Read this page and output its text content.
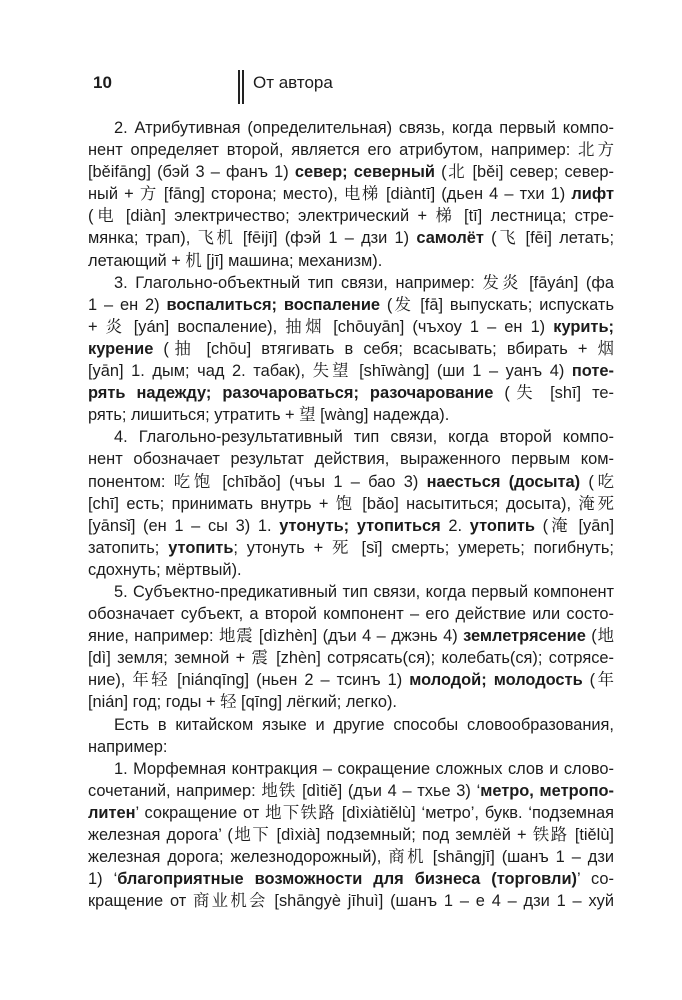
10	От автора
2. Атрибутивная (определительная) связь, когда первый компо-
нент определяет второй, является его атрибутом, например: 北方
[běifāng] (бэй 3 – фанъ 1) север; северный (北 [běi] север; север-
ный + 方 [fāng] сторона; место), 电梯 [diàntī] (дьен 4 – тхи 1) лифт
(电 [diàn] электричество; электрический + 梯 [tī] лестница; стре-
мянка; трап), 飞机 [fēijī] (фэй 1 – дзи 1) самолёт (飞 [fēi] летать;
летающий + 机 [jī] машина; механизм).
3. Глагольно-объектный тип связи, например: 发炎 [fāyán] (фа
1 – ен 2) воспалиться; воспаление (发 [fā] выпускать; испускать
+ 炎 [yán] воспаление), 抽烟 [chōuyān] (чъхоу 1 – ен 1) курить;
курение (抽 [chōu] втягивать в себя; всасывать; вбирать + 烟
[yān] 1. дым; чад 2. табак), 失望 [shīwàng] (ши 1 – уанъ 4) поте-
рять надежду; разочароваться; разочарование (失 [shī] те-
рять; лишиться; утратить + 望 [wàng] надежда).
4. Глагольно-результативный тип связи, когда второй компо-
нент обозначает результат действия, выраженного первым ком-
понентом: 吃饱 [chībǎo] (чъы 1 – бао 3) наесться (досыта) (吃
[chī] есть; принимать внутрь + 饱 [bǎo] насытиться; досыта), 淹死
[yānsǐ] (ен 1 – сы 3) 1. утонуть; утопиться 2. утопить (淹 [yān]
затопить; утопить; утонуть + 死 [sǐ] смерть; умереть; погибнуть;
сдохнуть; мёртвый).
5. Субъектно-предикативный тип связи, когда первый компонент
обозначает субъект, а второй компонент – его действие или состо-
яние, например: 地震 [dìzhèn] (дъи 4 – джэнь 4) землетрясение (地
[dì] земля; земной + 震 [zhèn] сотрясать(ся); колебать(ся); сотрясе-
ние), 年轻 [niánqīng] (ньен 2 – тсинъ 1) молодой; молодость (年
[nián] год; годы + 轻 [qīng] лёгкий; легко).
Есть в китайском языке и другие способы словообразования,
например:
1. Морфемная контракция – сокращение сложных слов и слово-
сочетаний, например: 地铁 [dìtiě] (дъи 4 – тхье 3) ‘метро, метропо-
литен’ сокращение от 地下铁路 [dìxiàtiělù] ‘метро’, букв. ‘подземная
железная дорога’ (地下 [dìxià] подземный; под землёй + 铁路 [tiělù]
железная дорога; железнодорожный), 商机 [shāngjī] (шанъ 1 – дзи
1) ‘благоприятные возможности для бизнеса (торговли)’ со-
кращение от 商业机会 [shāngyè jīhuì] (шанъ 1 – е 4 – дзи 1 – хуй
